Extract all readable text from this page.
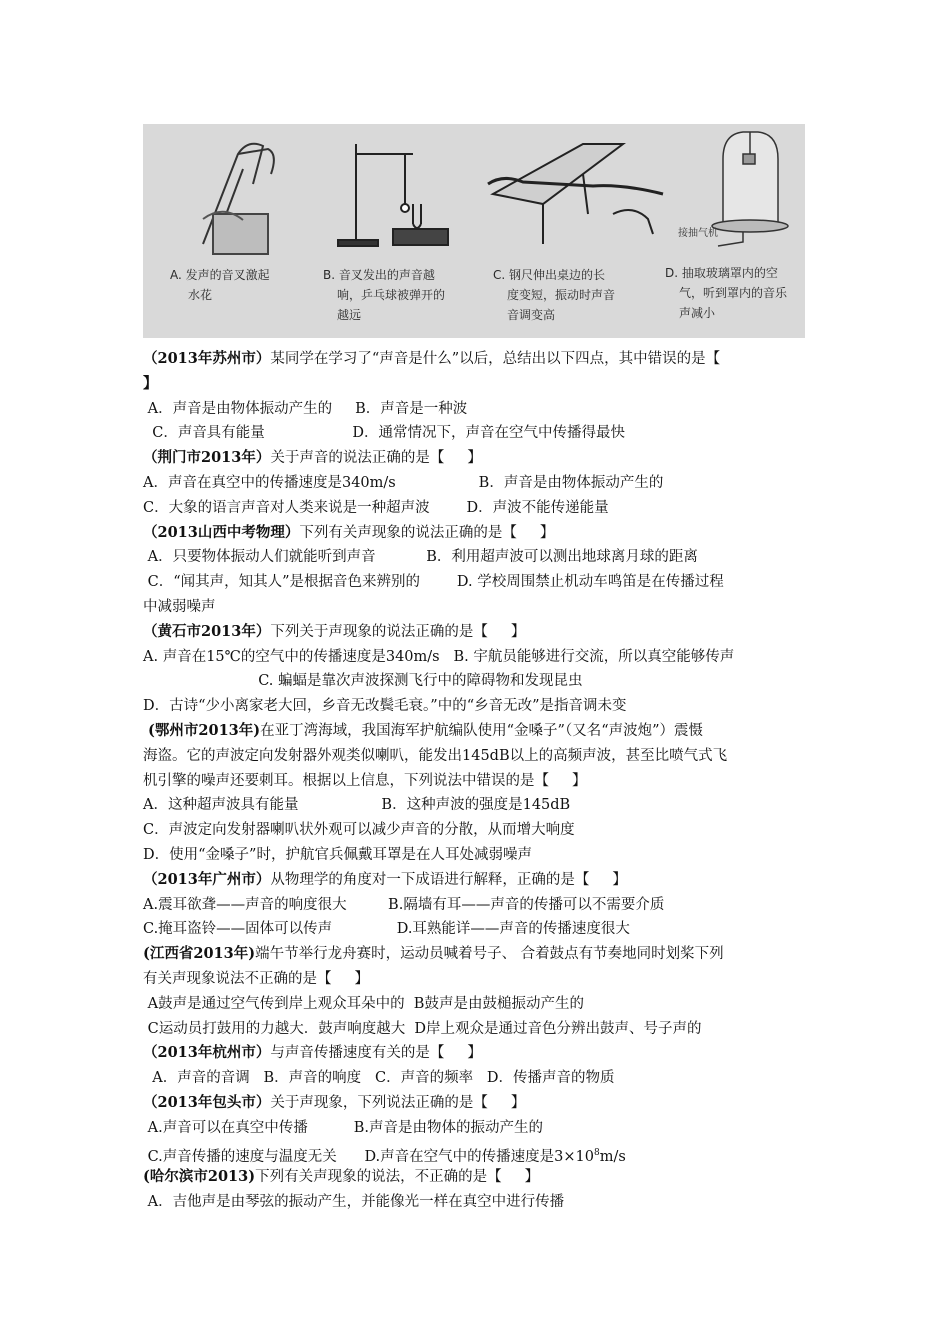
接抽气机
A. 发声的音叉激起
水花
B. 音叉发出的声音越
响，乒乓球被弹开的
越远
C. 钢尺伸出桌边的长
度变短，振动时声音
音调变高
D. 抽取玻璃罩内的空
气，听到罩内的音乐
声减小
（2013年苏州市）某同学在学习了“声音是什么”以后，总结出以下四点，其中错误的是【
】
A．声音是由物体振动产生的     B．声音是一种波
C．声音具有能量                   D．通常情况下，声音在空气中传播得最快
（荆门市2013年）关于声音的说法正确的是【     】
A．声音在真空中的传播速度是340m/s                  B．声音是由物体振动产生的
C．大象的语言声音对人类来说是一种超声波        D．声波不能传递能量
（2013山西中考物理）下列有关声现象的说法正确的是【     】
A．只要物体振动人们就能听到声音           B．利用超声波可以测出地球离月球的距离
C．“闻其声，知其人”是根据音色来辨别的        D. 学校周围禁止机动车鸣笛是在传播过程
中减弱噪声
（黄石市2013年）下列关于声现象的说法正确的是【     】
A. 声音在15℃的空气中的传播速度是340m/s   B. 宇航员能够进行交流，所以真空能够传声
C. 蝙蝠是靠次声波探测飞行中的障碍物和发现昆虫
D．古诗“少小离家老大回，乡音无改鬓毛衰。”中的“乡音无改”是指音调未变
(鄂州市2013年)在亚丁湾海域，我国海军护航编队使用“金嗓子”（又名“声波炮”）震慑
海盗。它的声波定向发射器外观类似喇叭，能发出145dB以上的高频声波，甚至比喷气式飞
机引擎的噪声还要刺耳。根据以上信息，下列说法中错误的是【     】
A．这种超声波具有能量                  B．这种声波的强度是145dB
C．声波定向发射器喇叭状外观可以减少声音的分散，从而增大响度
D．使用“金嗓子”时，护航官兵佩戴耳罩是在人耳处减弱噪声
（2013年广州市）从物理学的角度对一下成语进行解释，正确的是【     】
A.震耳欲聋——声音的响度很大         B.隔墙有耳——声音的传播可以不需要介质
C.掩耳盗铃——固体可以传声              D.耳熟能详——声音的传播速度很大
(江西省2013年)端午节举行龙舟赛时，运动员喊着号子、 合着鼓点有节奏地同时划桨下列
有关声现象说法不正确的是【     】
A鼓声是通过空气传到岸上观众耳朵中的  B鼓声是由鼓槌振动产生的
C运动员打鼓用的力越大．鼓声响度越大  D岸上观众是通过音色分辨出鼓声、号子声的
（2013年杭州市）与声音传播速度有关的是【     】
A．声音的音调   B．声音的响度   C．声音的频率   D．传播声音的物质
（2013年包头市）关于声现象，下列说法正确的是【     】
A.声音可以在真空中传播          B.声音是由物体的振动产生的
C.声音传播的速度与温度无关      D.声音在空气中的传播速度是$3\times 10^8m/s$
(哈尔滨市2013)下列有关声现象的说法，不正确的是【     】
A．吉他声是由琴弦的振动产生，并能像光一样在真空中进行传播
